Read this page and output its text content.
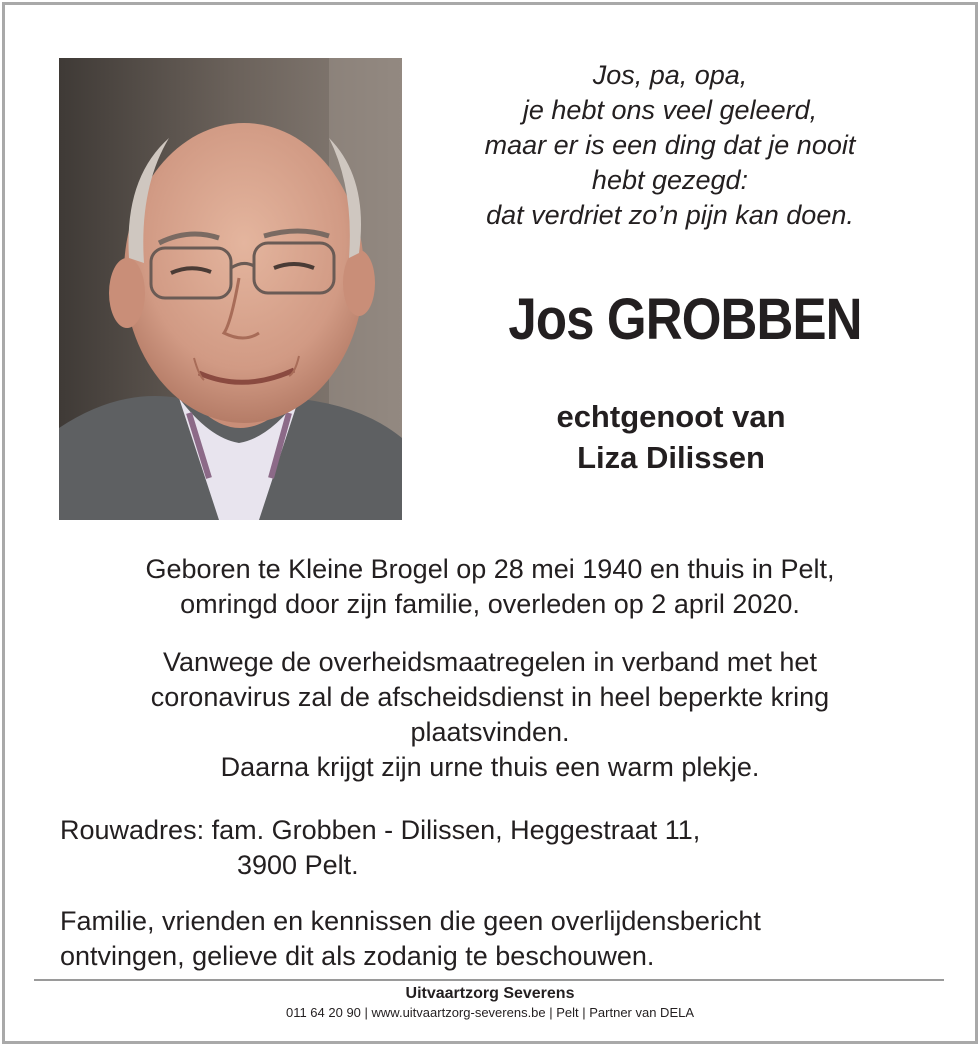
Jos, pa, opa,
je hebt ons veel geleerd,
maar er is een ding dat je nooit
hebt gezegd:
dat verdriet zo’n pijn kan doen.
Jos GROBBEN
echtgenoot van
Liza Dilissen
Geboren te Kleine Brogel op 28 mei 1940 en thuis in Pelt,
omringd door zijn familie, overleden op 2 april 2020.
Vanwege de overheidsmaatregelen in verband met het
coronavirus zal de afscheidsdienst in heel beperkte kring
plaatsvinden.
Daarna krijgt zijn urne thuis een warm plekje.
Rouwadres: fam. Grobben - Dilissen, Heggestraat 11,
3900 Pelt.
Familie, vrienden en kennissen die geen overlijdensbericht
ontvingen, gelieve dit als zodanig te beschouwen.
Uitvaartzorg Severens
011 64 20 90 | www.uitvaartzorg-severens.be | Pelt | Partner van DELA
